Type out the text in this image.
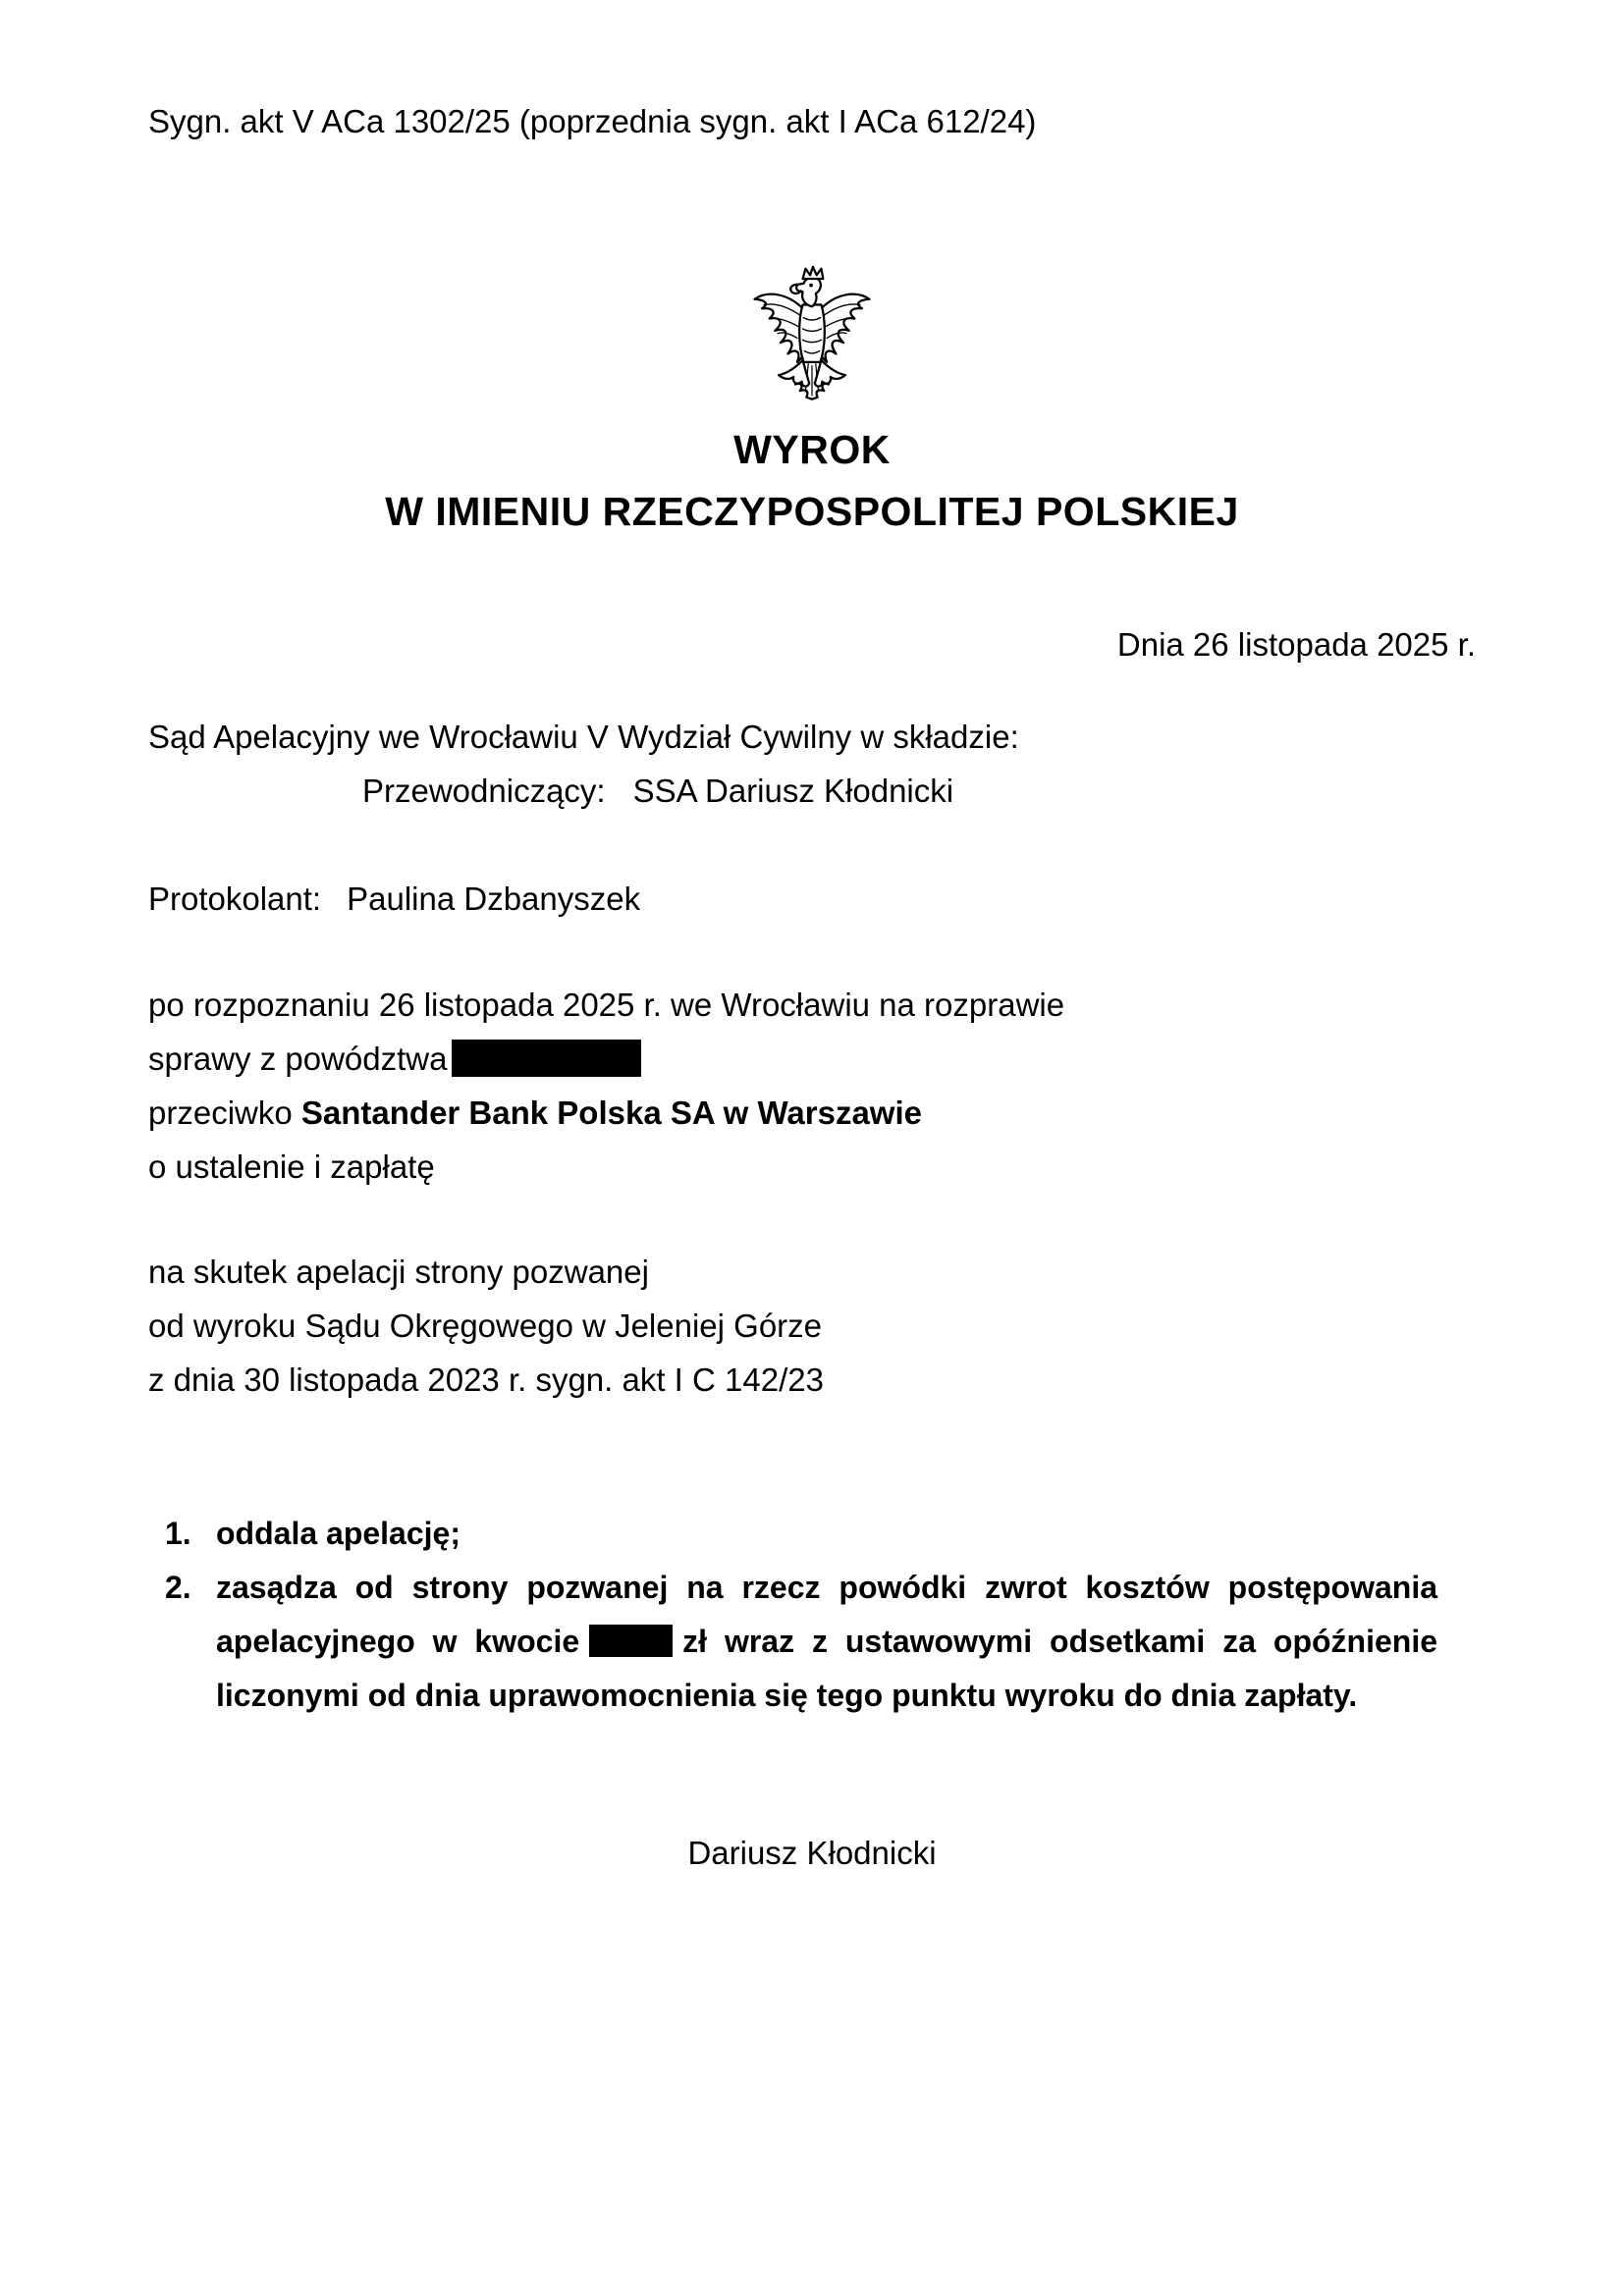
Sygn. akt V ACa 1302/25 (poprzednia sygn. akt I ACa 612/24)
WYROK
W IMIENIU RZECZYPOSPOLITEJ POLSKIEJ
Dnia 26 listopada 2025 r.
Sąd Apelacyjny we Wrocławiu V Wydział Cywilny w składzie:
Przewodniczący: SSA Dariusz Kłodnicki
Protokolant: Paulina Dzbanyszek
po rozpoznaniu 26 listopada 2025 r. we Wrocławiu na rozprawie
sprawy z powództwa
przeciwko Santander Bank Polska SA w Warszawie
o ustalenie i zapłatę
na skutek apelacji strony pozwanej
od wyroku Sądu Okręgowego w Jeleniej Górze
z dnia 30 listopada 2023 r. sygn. akt I C 142/23
1. oddala apelację;
2. zasądza od strony pozwanej na rzecz powódki zwrot kosztów postępowania
apelacyjnego w kwocie	zł wraz z ustawowymi odsetkami za opóźnienie
liczonymi od dnia uprawomocnienia się tego punktu wyroku do dnia zapłaty.
Dariusz Kłodnicki
